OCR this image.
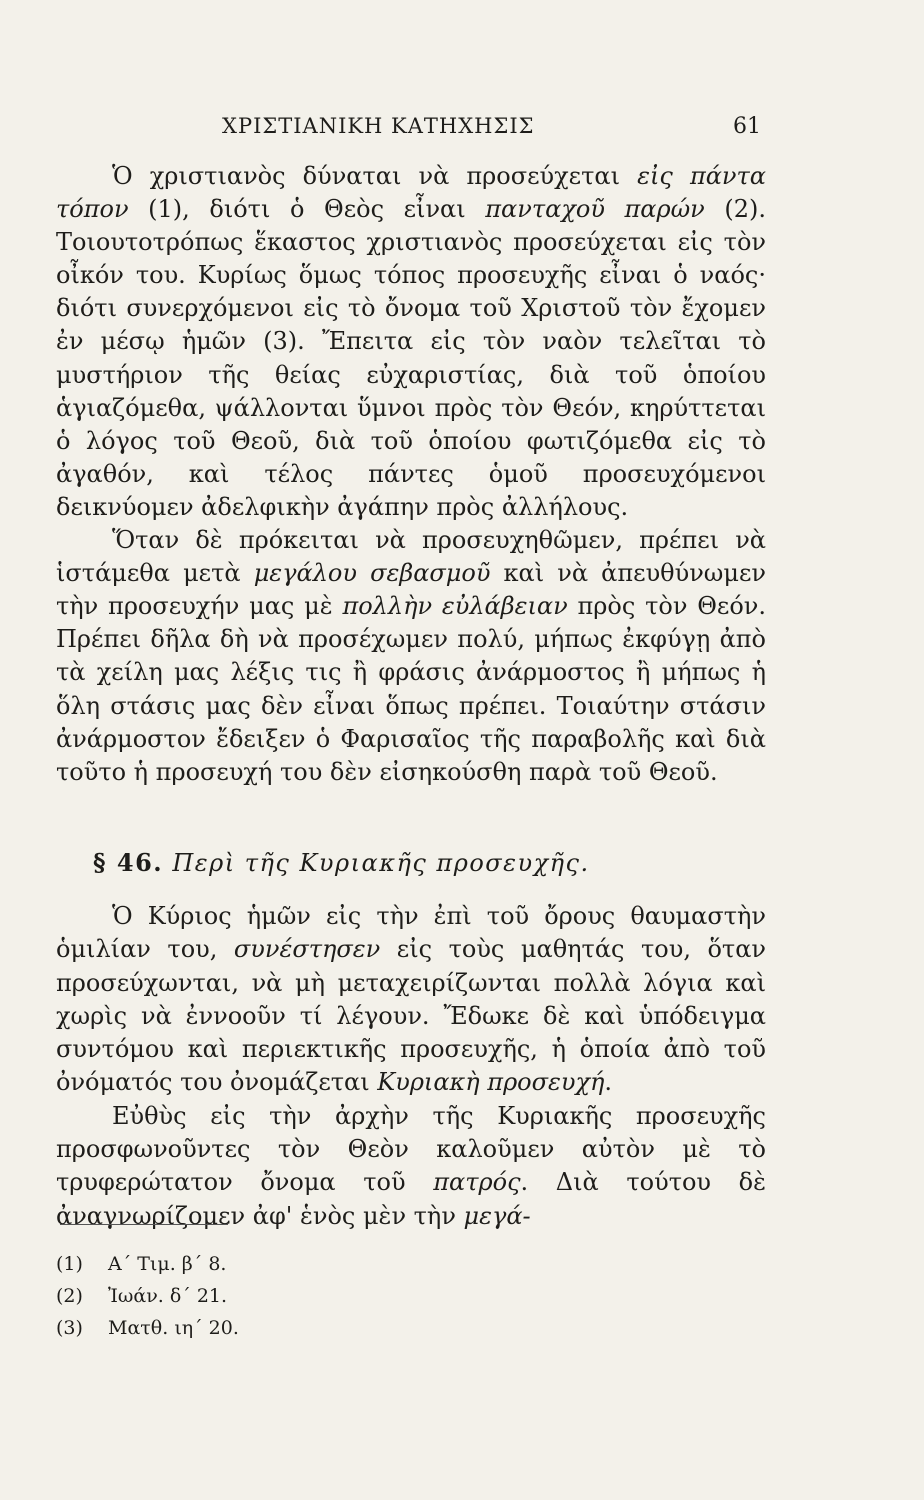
ΧΡΙΣΤΙΑΝΙΚΗ ΚΑΤΗΧΗΣΙΣ	61

Ὁ χριστιανὸς δύναται νὰ προσεύχεται εἰς πάντα τόπον (1), διότι ὁ Θεὸς εἶναι πανταχοῦ παρών (2). Τοιουτοτρόπως ἕκαστος χριστιανὸς προσεύχεται εἰς τὸν οἶκόν του. Κυρίως ὅμως τόπος προσευχῆς εἶναι ὁ ναός· διότι συνερχόμενοι εἰς τὸ ὄνομα τοῦ Χριστοῦ τὸν ἔχομεν ἐν μέσῳ ἡμῶν (3). Ἔπειτα εἰς τὸν ναὸν τελεῖται τὸ μυστήριον τῆς θείας εὐχαριστίας, διὰ τοῦ ὁποίου ἁγιαζόμεθα, ψάλλονται ὕμνοι πρὸς τὸν Θεόν, κηρύττεται ὁ λόγος τοῦ Θεοῦ, διὰ τοῦ ὁποίου φωτιζόμεθα εἰς τὸ ἀγαθόν, καὶ τέλος πάντες ὁμοῦ προσευχόμενοι δεικνύομεν ἀδελφικὴν ἀγάπην πρὸς ἀλλήλους.

Ὅταν δὲ πρόκειται νὰ προσευχηθῶμεν, πρέπει νὰ ἱστάμεθα μετὰ μεγάλου σεβασμοῦ καὶ νὰ ἀπευθύνωμεν τὴν προσευχήν μας μὲ πολλὴν εὐλάβειαν πρὸς τὸν Θεόν. Πρέπει δῆλα δὴ νὰ προσέχωμεν πολύ, μήπως ἐκφύγῃ ἀπὸ τὰ χείλη μας λέξις τις ἢ φράσις ἀνάρμοστος ἢ μήπως ἡ ὅλη στάσις μας δὲν εἶναι ὅπως πρέπει. Τοιαύτην στάσιν ἀνάρμοστον ἔδειξεν ὁ Φαρισαῖος τῆς παραβολῆς καὶ διὰ τοῦτο ἡ προσευχή του δὲν εἰσηκούσθη παρὰ τοῦ Θεοῦ.

§ 46. Περὶ τῆς Κυριακῆς προσευχῆς.

Ὁ Κύριος ἡμῶν εἰς τὴν ἐπὶ τοῦ ὄρους θαυμαστὴν ὁμιλίαν του, συνέστησεν εἰς τοὺς μαθητάς του, ὅταν προσεύχωνται, νὰ μὴ μεταχειρίζωνται πολλὰ λόγια καὶ χωρὶς νὰ ἐννοοῦν τί λέγουν. Ἔδωκε δὲ καὶ ὑπόδειγμα συντόμου καὶ περιεκτικῆς προσευχῆς, ἡ ὁποία ἀπὸ τοῦ ὀνόματός του ὀνομάζεται Κυριακὴ προσευχή.

Εὐθὺς εἰς τὴν ἀρχὴν τῆς Κυριακῆς προσευχῆς προσφωνοῦντες τὸν Θεὸν καλοῦμεν αὐτὸν μὲ τὸ τρυφερώτατον ὄνομα τοῦ πατρός. Διὰ τούτου δὲ ἀναγνωρίζομεν ἀφ' ἑνὸς μὲν τὴν μεγά-

(1) Α΄ Τιμ. β΄ 8.
(2) Ἰωάν. δ΄ 21.
(3) Ματθ. ιη΄ 20.
